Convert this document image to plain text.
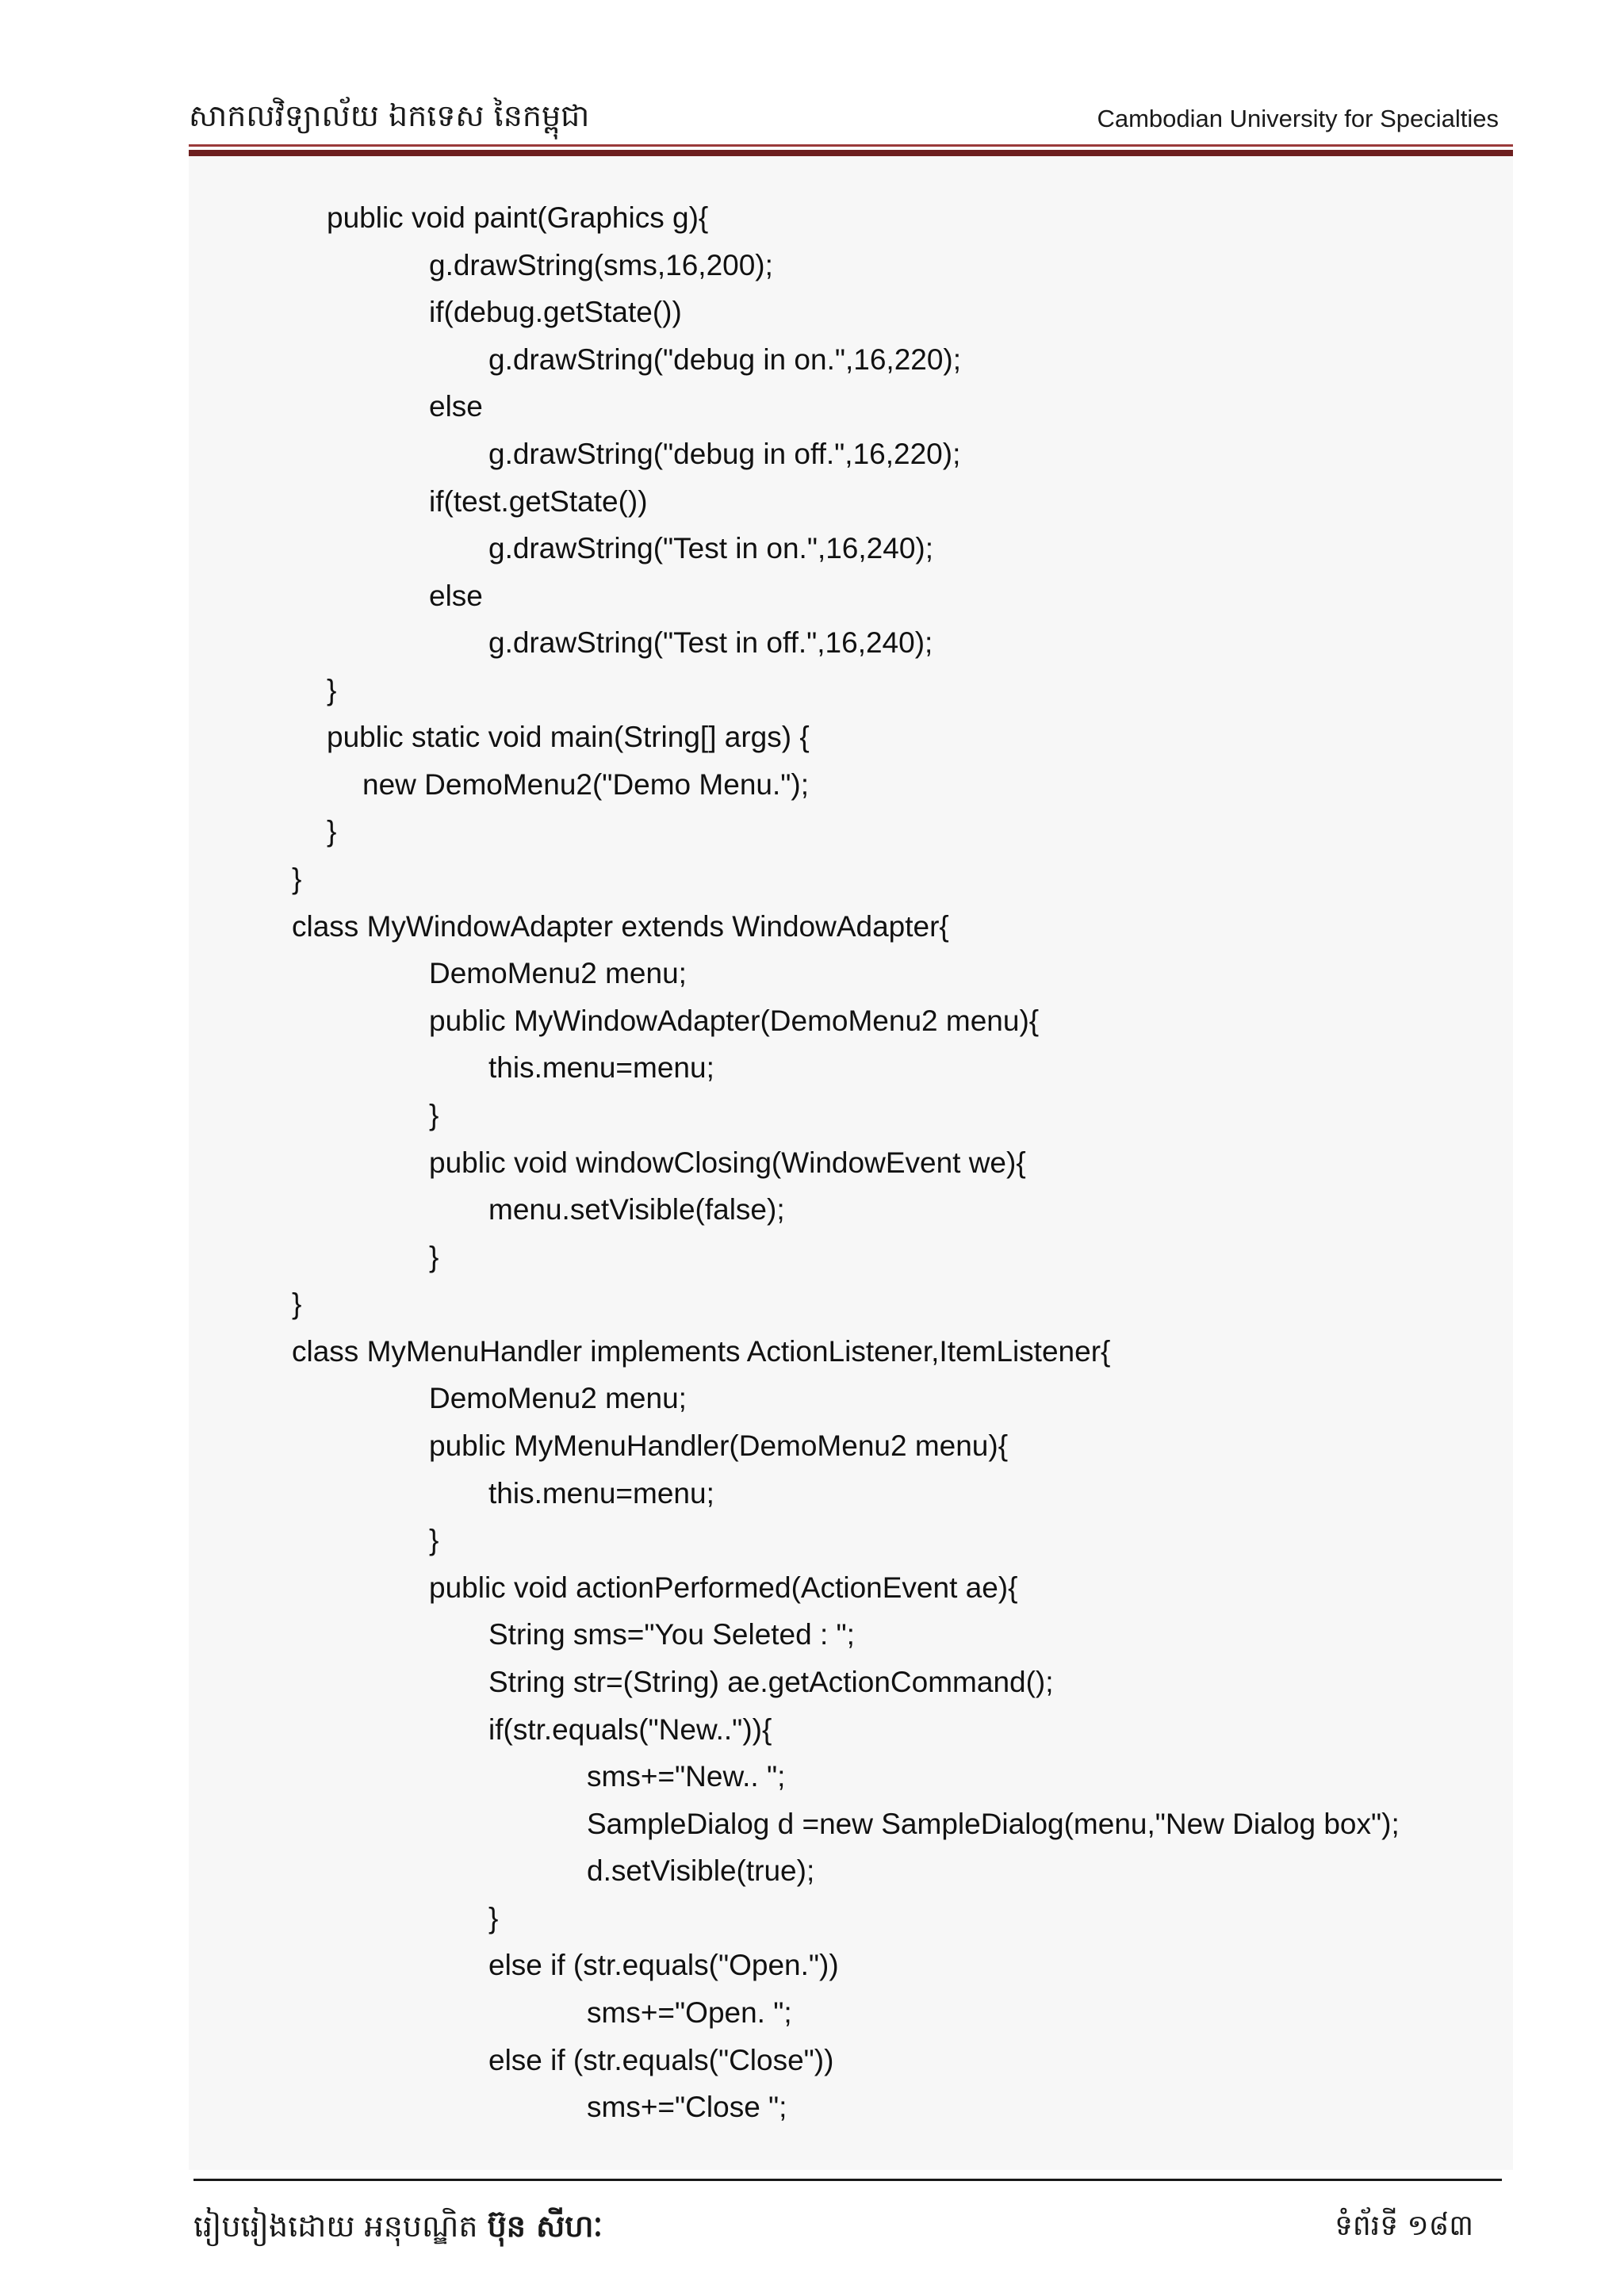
សាកលវិទ្យាល័យ ឯកទេស នៃកម្ពុជា	Cambodian University for Specialties
public void paint(Graphics g){
g.drawString(sms,16,200);
if(debug.getState())
g.drawString("debug in on.",16,220);
else
g.drawString("debug in off.",16,220);
if(test.getState())
g.drawString("Test in on.",16,240);
else
g.drawString("Test in off.",16,240);
}
public static void main(String[] args) {
new DemoMenu2("Demo Menu.");
}
}
class MyWindowAdapter extends WindowAdapter{
DemoMenu2 menu;
public MyWindowAdapter(DemoMenu2 menu){
this.menu=menu;
}
public void windowClosing(WindowEvent we){
menu.setVisible(false);
}
}
class MyMenuHandler implements ActionListener,ItemListener{
DemoMenu2 menu;
public MyMenuHandler(DemoMenu2 menu){
this.menu=menu;
}
public void actionPerformed(ActionEvent ae){
String sms="You Seleted : ";
String str=(String) ae.getActionCommand();
if(str.equals("New..")){
sms+="New.. ";
SampleDialog d =new SampleDialog(menu,"New Dialog box");
d.setVisible(true);
}
else if (str.equals("Open."))
sms+="Open. ";
else if (str.equals("Close"))
sms+="Close ";
រៀបរៀងដោយ អនុបណ្ឌិត ប៊ុន សីហៈ	ទំព័រទី ១៨៣
